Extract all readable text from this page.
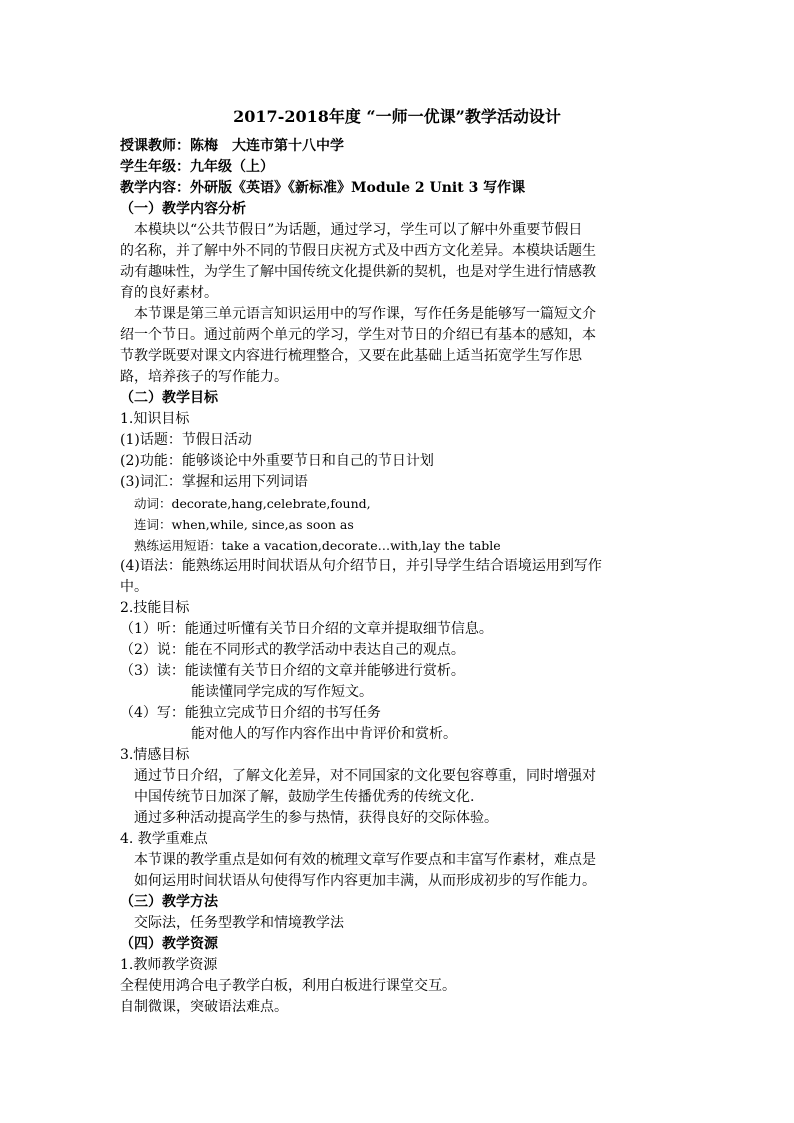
2017-2018年度 “一师一优课”教学活动设计
授课教师：陈梅　大连市第十八中学
学生年级：九年级（上）
教学内容：外研版《英语》《新标准》Module 2 Unit 3 写作课
（一）教学内容分析
本模块以“公共节假日”为话题，通过学习，学生可以了解中外重要节假日
的名称，并了解中外不同的节假日庆祝方式及中西方文化差异。本模块话题生
动有趣味性，为学生了解中国传统文化提供新的契机，也是对学生进行情感教
育的良好素材。
本节课是第三单元语言知识运用中的写作课，写作任务是能够写一篇短文介
绍一个节日。通过前两个单元的学习，学生对节日的介绍已有基本的感知，本
节教学既要对课文内容进行梳理整合，又要在此基础上适当拓宽学生写作思
路，培养孩子的写作能力。
（二）教学目标
1.知识目标
(1)话题：节假日活动
(2)功能：能够谈论中外重要节日和自己的节日计划
(3)词汇：掌握和运用下列词语
动词：decorate,hang,celebrate,found,
连词：when,while, since,as soon as
熟练运用短语：take a vacation,decorate…with,lay the table
(4)语法：能熟练运用时间状语从句介绍节日，并引导学生结合语境运用到写作
中。
2.技能目标
（1）听：能通过听懂有关节日介绍的文章并提取细节信息。
（2）说：能在不同形式的教学活动中表达自己的观点。
（3）读：能读懂有关节日介绍的文章并能够进行赏析。
能读懂同学完成的写作短文。
（4）写：能独立完成节日介绍的书写任务
能对他人的写作内容作出中肯评价和赏析。
3.情感目标
通过节日介绍，了解文化差异，对不同国家的文化要包容尊重，同时增强对
中国传统节日加深了解，鼓励学生传播优秀的传统文化.
通过多种活动提高学生的参与热情，获得良好的交际体验。
4. 教学重难点
本节课的教学重点是如何有效的梳理文章写作要点和丰富写作素材，难点是
如何运用时间状语从句使得写作内容更加丰满，从而形成初步的写作能力。
（三）教学方法
交际法，任务型教学和情境教学法
（四）教学资源
1.教师教学资源
全程使用鸿合电子教学白板，利用白板进行课堂交互。
自制微课，突破语法难点。
